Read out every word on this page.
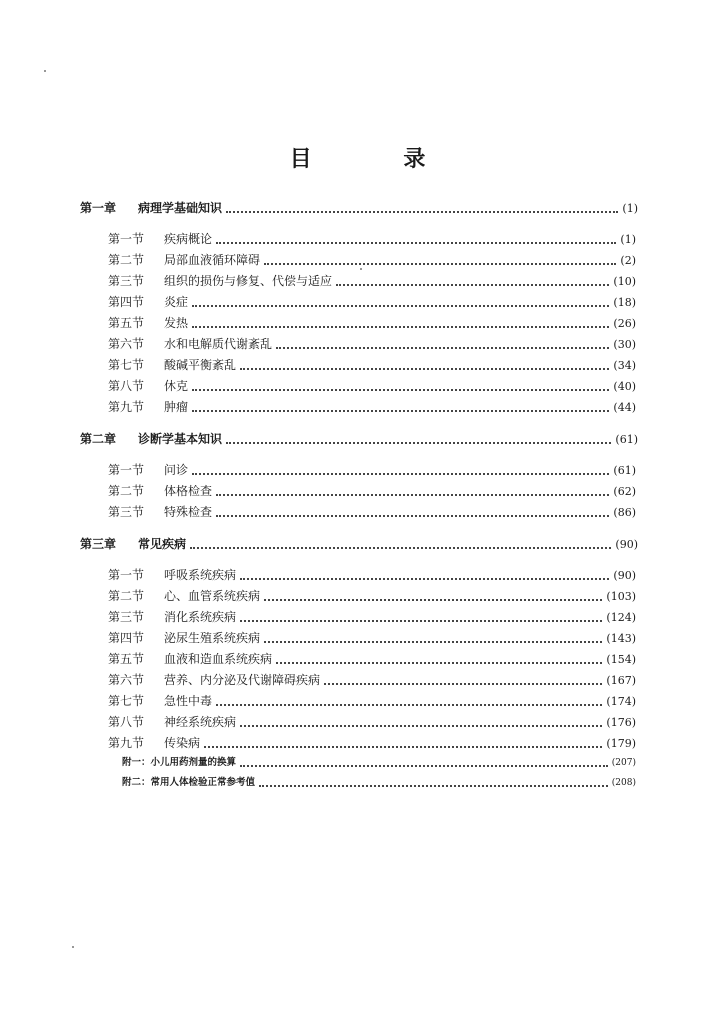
目 录
第一章	病理学基础知识	(1)
第一节	疾病概论	(1)
第二节	局部血液循环障碍	(2)
第三节	组织的损伤与修复、代偿与适应	(10)
第四节	炎症	(18)
第五节	发热	(26)
第六节	水和电解质代谢紊乱	(30)
第七节	酸碱平衡紊乱	(34)
第八节	休克	(40)
第九节	肿瘤	(44)
第二章	诊断学基本知识	(61)
第一节	问诊	(61)
第二节	体格检查	(62)
第三节	特殊检查	(86)
第三章	常见疾病	(90)
第一节	呼吸系统疾病	(90)
第二节	心、血管系统疾病	(103)
第三节	消化系统疾病	(124)
第四节	泌尿生殖系统疾病	(143)
第五节	血液和造血系统疾病	(154)
第六节	营养、内分泌及代谢障碍疾病	(167)
第七节	急性中毒	(174)
第八节	神经系统疾病	(176)
第九节	传染病	(179)
附一：小儿用药剂量的换算	(207)
附二：常用人体检验正常参考值	(208)
